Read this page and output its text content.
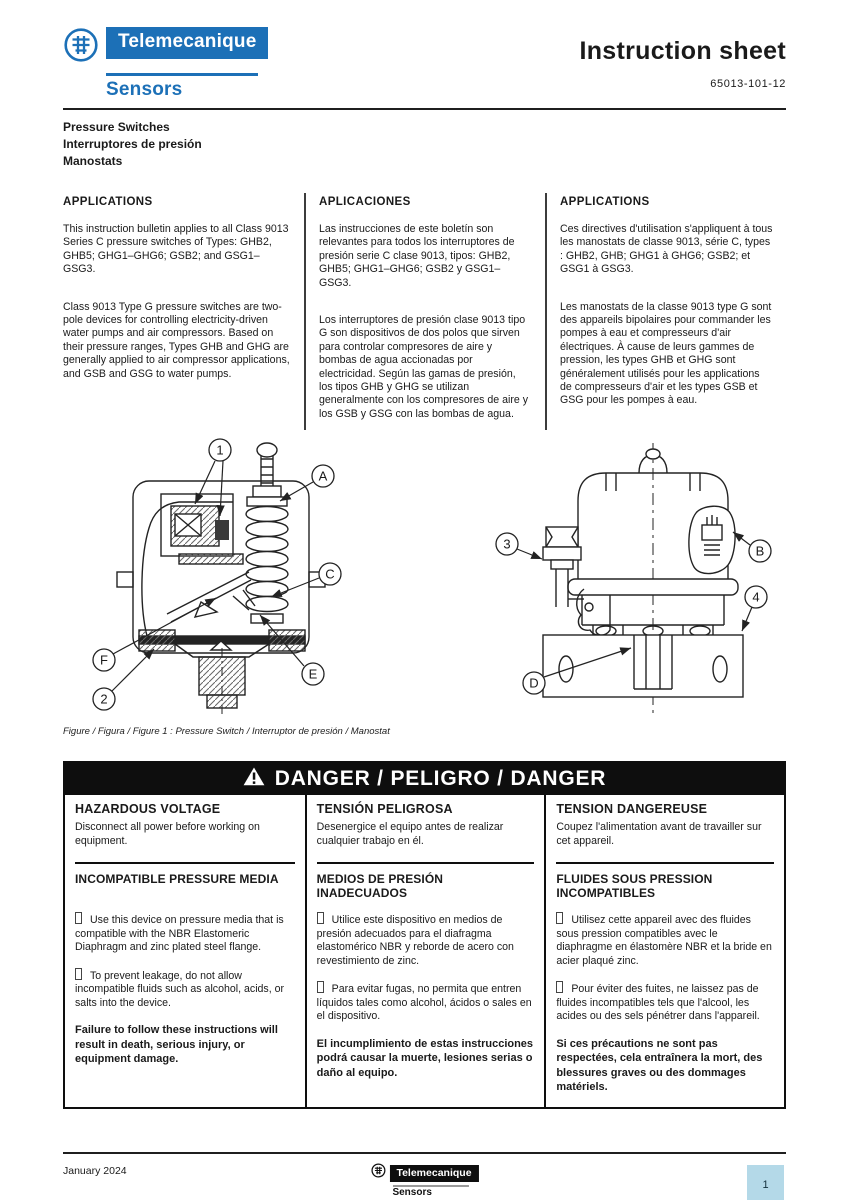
Telemecanique
Sensors
Instruction sheet
65013-101-12
Pressure Switches
Interruptores de presión
Manostats
APPLICATIONS

This instruction bulletin applies to all Class 9013 Series C pressure switches of Types: GHB2, GHB5; GHG1–GHG6; GSB2; and GSG1–GSG3.

Class 9013 Type G pressure switches are two-pole devices for controlling electricity-driven water pumps and air compressors. Based on their pressure ranges, Types GHB and GHG are generally applied to air compressor applications, and GSB and GSG to water pumps.

APLICACIONES

Las instrucciones de este boletín son relevantes para todos los interruptores de presión serie C clase 9013, tipos: GHB2, GHB5; GHG1–GHG6; GSB2 y GSG1–GSG3.

Los interruptores de presión clase 9013 tipo G son dispositivos de dos polos que sirven para controlar compresores de aire y bombas de agua accionadas por electricidad. Según las gamas de presión, los tipos GHB y GHG se utilizan generalmente con los compresores de aire y los GSB y GSG con las bombas de agua.

APPLICATIONS

Ces directives d'utilisation s'appliquent à tous les manostats de classe 9013, série C, types : GHB2, GHB; GHG1 à GHG6; GSB2; et GSG1 à GSG3.

Les manostats de la classe 9013 type G sont des appareils bipolaires pour commander les pompes à eau et compresseurs d'air électriques. À cause de leurs gammes de pression, les types GHB et GHG sont généralement utilisés pour les applications de compresseurs d'air et les types GSB et GSG pour les pompes à eau.

1
A
C
E
F
2
3	B
4
D
Figure / Figura / Figure 1 : Pressure Switch / Interruptor de presión / Manostat
DANGER / PELIGRO / DANGER
HAZARDOUS VOLTAGE
Disconnect all power before working on equipment.
INCOMPATIBLE PRESSURE MEDIA

Use this device on pressure media that is compatible with the NBR Elastomeric Diaphragm and zinc plated steel flange.

To prevent leakage, do not allow incompatible fluids such as alcohol, acids, or salts into the device.

Failure to follow these instructions will result in death, serious injury, or equipment damage.
TENSIÓN PELIGROSA
Desenergice el equipo antes de realizar cualquier trabajo en él.
MEDIOS DE PRESIÓN INADECUADOS

Utilice este dispositivo en medios de presión adecuados para el diafragma elastomérico NBR y reborde de acero con revestimiento de zinc.

Para evitar fugas, no permita que entren líquidos tales como alcohol, ácidos o sales en el dispositivo.

El incumplimiento de estas instrucciones podrá causar la muerte, lesiones serias o daño al equipo.
TENSION DANGEREUSE
Coupez l'alimentation avant de travailler sur cet appareil.
FLUIDES SOUS PRESSION INCOMPATIBLES

Utilisez cette appareil avec des fluides sous pression compatibles avec le diaphragme en élastomère NBR et la bride en acier plaqué zinc.

Pour éviter des fuites, ne laissez pas de fluides incompatibles tels que l'alcool, les acides ou des sels pénétrer dans l'appareil.

Si ces précautions ne sont pas respectées, cela entraînera la mort, des blessures graves ou des dommages matériels.
January 2024	Telemecanique
Sensors
1
